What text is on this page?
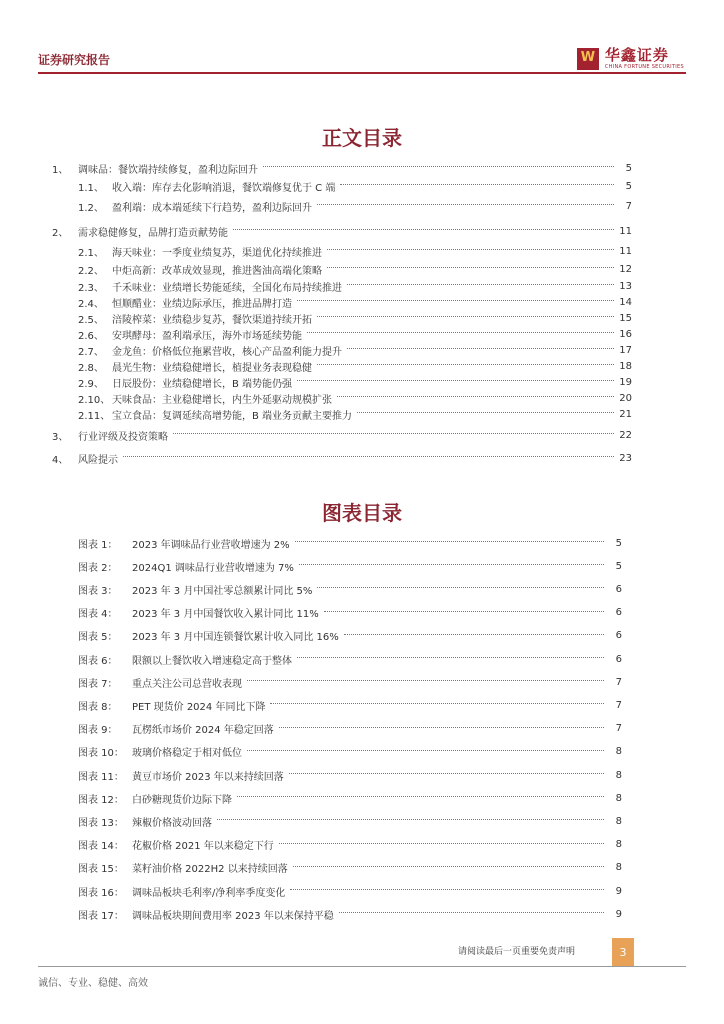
证券研究报告 W	华鑫证券
CHINA FORTUNE SECURITIES
正文目录
1、 调味品：餐饮端持续修复，盈利边际回升	5
1.1、 收入端：库存去化影响消退，餐饮端修复优于 C 端	5
1.2、 盈利端：成本端延续下行趋势，盈利边际回升	7
2、 需求稳健修复，品牌打造贡献势能	11
2.1、 海天味业：一季度业绩复苏，渠道优化持续推进	11
2.2、 中炬高新：改革成效显现，推进酱油高端化策略	12
2.3、 千禾味业：业绩增长势能延续，全国化布局持续推进	13
2.4、 恒顺醋业：业绩边际承压，推进品牌打造	14
2.5、 涪陵榨菜：业绩稳步复苏，餐饮渠道持续开拓	15
2.6、 安琪酵母：盈利端承压，海外市场延续势能	16
2.7、 金龙鱼：价格低位拖累营收，核心产品盈利能力提升	17
2.8、 晨光生物：业绩稳健增长，植提业务表现稳健	18
2.9、 日辰股份：业绩稳健增长，B 端势能仍强	19
2.10、 天味食品：主业稳健增长，内生外延驱动规模扩张	20
2.11、 宝立食品：复调延续高增势能，B 端业务贡献主要推力	21
3、 行业评级及投资策略	22
4、 风险提示	23
图表目录
图表 1：	2023 年调味品行业营收增速为 2%	5
图表 2：	2024Q1 调味品行业营收增速为 7%	5
图表 3：	2023 年 3 月中国社零总额累计同比 5%	6
图表 4：	2023 年 3 月中国餐饮收入累计同比 11%	6
图表 5：	2023 年 3 月中国连锁餐饮累计收入同比 16%	6
图表 6：	限额以上餐饮收入增速稳定高于整体	6
图表 7：	重点关注公司总营收表现	7
图表 8：	PET 现货价 2024 年同比下降	7
图表 9：	瓦楞纸市场价 2024 年稳定回落	7
图表 10： 玻璃价格稳定于相对低位	8
图表 11： 黄豆市场价 2023 年以来持续回落	8
图表 12： 白砂糖现货价边际下降	8
图表 13： 辣椒价格波动回落	8
图表 14： 花椒价格 2021 年以来稳定下行	8
图表 15： 菜籽油价格 2022H2 以来持续回落	8
图表 16： 调味品板块毛利率/净利率季度变化	9
图表 17： 调味品板块期间费用率 2023 年以来保持平稳	9
请阅读最后一页重要免责声明	3
诚信、专业、稳健、高效
